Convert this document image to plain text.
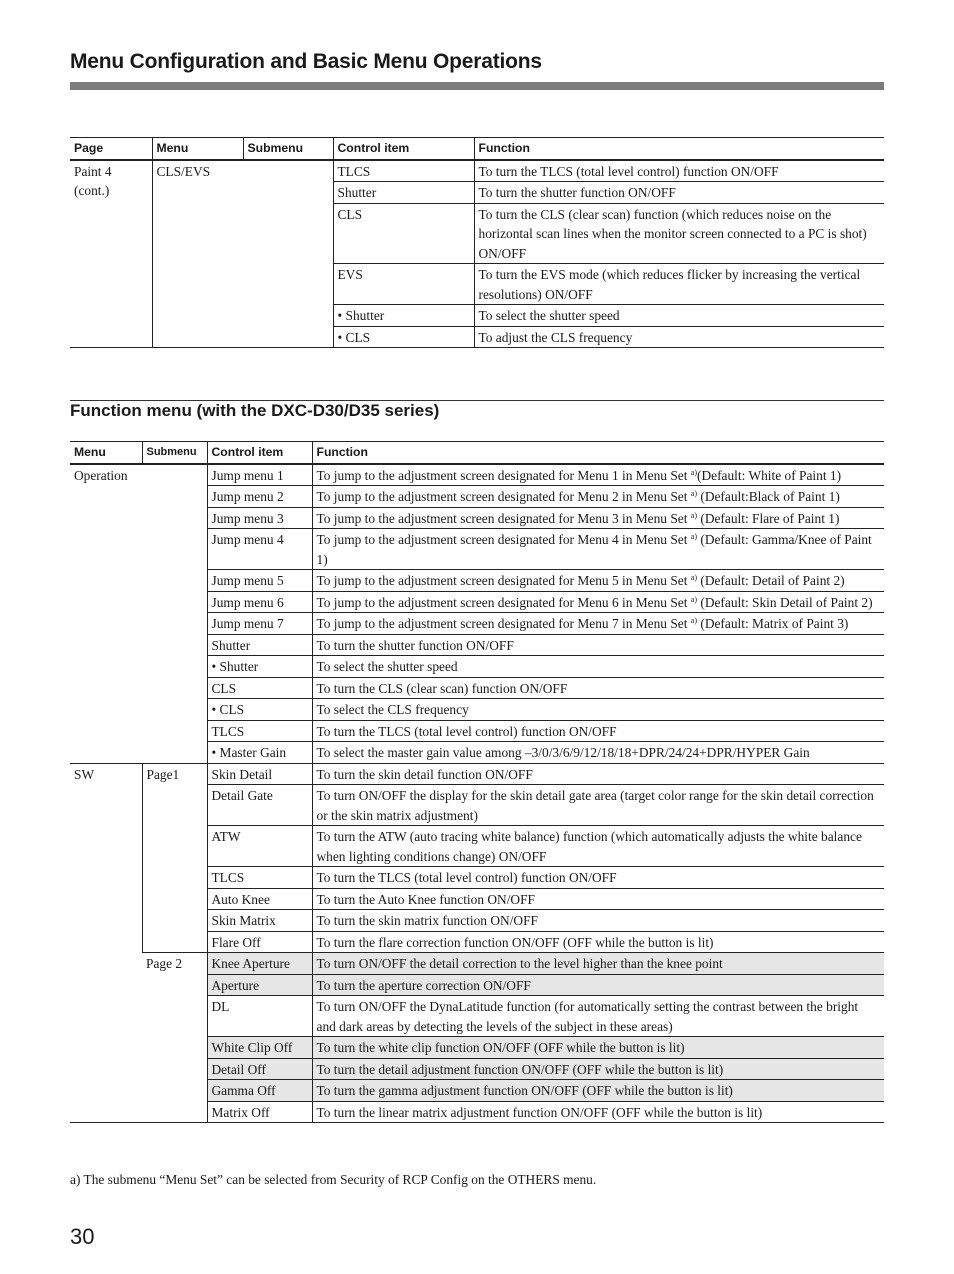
Menu Configuration and Basic Menu Operations
Page	Menu	Submenu	Control item	Function

Paint 4
(cont.)	CLS/EVS		TLCS	To turn the TLCS (total level control) function ON/OFF
			Shutter	To turn the shutter function ON/OFF
			CLS	To turn the CLS (clear scan) function (which reduces noise on the horizontal scan lines when the monitor screen connected to a PC is shot) ON/OFF
			EVS	To turn the EVS mode (which reduces flicker by increasing the vertical resolutions) ON/OFF
			• Shutter	To select the shutter speed
			• CLS	To adjust the CLS frequency
Function menu (with the DXC-D30/D35 series)
Menu	Submenu	Control item	Function
Operation		Jump menu 1	To jump to the adjustment screen designated for Menu 1 in Menu Set $^{a)}$(Default: White of Paint 1)
		Jump menu 2	To jump to the adjustment screen designated for Menu 2 in Menu Set $^{a)}$ (Default:Black of Paint 1)
		Jump menu 3	To jump to the adjustment screen designated for Menu 3 in Menu Set $^{a)}$ (Default: Flare of Paint 1)
		Jump menu 4	To jump to the adjustment screen designated for Menu 4 in Menu Set $^{a)}$ (Default: Gamma/Knee of Paint 1)
		Jump menu 5	To jump to the adjustment screen designated for Menu 5 in Menu Set $^{a)}$ (Default: Detail of Paint 2)
		Jump menu 6	To jump to the adjustment screen designated for Menu 6 in Menu Set $^{a)}$ (Default: Skin Detail of Paint 2)
		Jump menu 7	To jump to the adjustment screen designated for Menu 7 in Menu Set $^{a)}$ (Default: Matrix of Paint 3)
		Shutter	To turn the shutter function ON/OFF
		• Shutter	To select the shutter speed
		CLS	To turn the CLS (clear scan) function ON/OFF
		• CLS	To select the CLS frequency
		TLCS	To turn the TLCS (total level control) function ON/OFF
		• Master Gain	To select the master gain value among –3/0/3/6/9/12/18/18+DPR/24/24+DPR/HYPER Gain
SW	Page1	Skin Detail	To turn the skin detail function ON/OFF
		Detail Gate	To turn ON/OFF the display for the skin detail gate area (target color range for the skin detail correction or the skin matrix adjustment)
		ATW	To turn the ATW (auto tracing white balance) function (which automatically adjusts the white balance when lighting conditions change) ON/OFF
		TLCS	To turn the TLCS (total level control) function ON/OFF
		Auto Knee	To turn the Auto Knee function ON/OFF
		Skin Matrix	To turn the skin matrix function ON/OFF
		Flare Off	To turn the flare correction function ON/OFF (OFF while the button is lit)
	Page 2	Knee Aperture	To turn ON/OFF the detail correction to the level higher than the knee point
		Aperture	To turn the aperture correction ON/OFF
		DL	To turn ON/OFF the DynaLatitude function (for automatically setting the contrast between the bright and dark areas by detecting the levels of the subject in these areas)
		White Clip Off	To turn the white clip function ON/OFF (OFF while the button is lit)
		Detail Off	To turn the detail adjustment function ON/OFF (OFF while the button is lit)
		Gamma Off	To turn the gamma adjustment function ON/OFF (OFF while the button is lit)
		Matrix Off	To turn the linear matrix adjustment function ON/OFF (OFF while the button is lit)

a) The submenu “Menu Set” can be selected from Security of RCP Config on the OTHERS menu.

30
